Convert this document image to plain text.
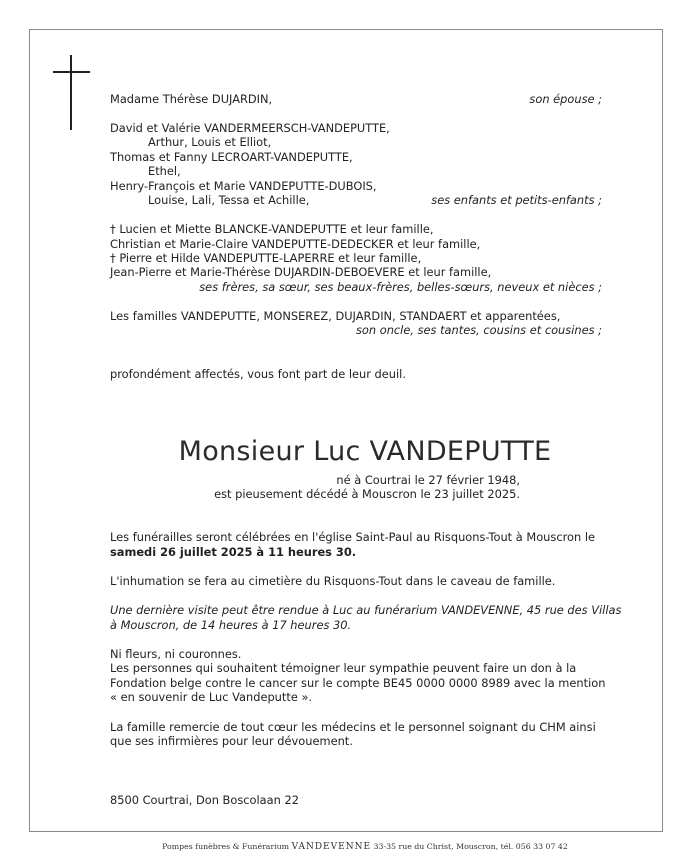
Madame Thérèse DUJARDIN,	son épouse ;
David et Valérie VANDERMEERSCH-VANDEPUTTE,
Arthur, Louis et Elliot,
Thomas et Fanny LECROART-VANDEPUTTE,
Ethel,
Henry-François et Marie VANDEPUTTE-DUBOIS,
Louise, Lali, Tessa et Achille,	ses enfants et petits-enfants ;
† Lucien et Miette BLANCKE-VANDEPUTTE et leur famille,
Christian et Marie-Claire VANDEPUTTE-DEDECKER et leur famille,
† Pierre et Hilde VANDEPUTTE-LAPERRE et leur famille,
Jean-Pierre et Marie-Thérèse DUJARDIN-DEBOEVERE et leur famille,
ses frères, sa sœur, ses beaux-frères, belles-sœurs, neveux et nièces ;
Les familles VANDEPUTTE, MONSEREZ, DUJARDIN, STANDAERT et apparentées,
son oncle, ses tantes, cousins et cousines ;
profondément affectés, vous font part de leur deuil.
Monsieur Luc VANDEPUTTE
né à Courtrai le 27 février 1948,
est pieusement décédé à Mouscron le 23 juillet 2025.
Les funérailles seront célébrées en l'église Saint-Paul au Risquons-Tout à Mouscron le
samedi 26 juillet 2025 à 11 heures 30.
L'inhumation se fera au cimetière du Risquons-Tout dans le caveau de famille.
Une dernière visite peut être rendue à Luc au funérarium VANDEVENNE, 45 rue des Villas
à Mouscron, de 14 heures à 17 heures 30.
Ni fleurs, ni couronnes.
Les personnes qui souhaitent témoigner leur sympathie peuvent faire un don à la
Fondation belge contre le cancer sur le compte BE45 0000 0000 8989 avec la mention
« en souvenir de Luc Vandeputte ».
La famille remercie de tout cœur les médecins et le personnel soignant du CHM ainsi
que ses infirmières pour leur dévouement.
8500 Courtrai, Don Boscolaan 22
Pompes funèbres & Funérarium VANDEVENNE 33-35 rue du Christ, Mouscron, tél. 056 33 07 42
